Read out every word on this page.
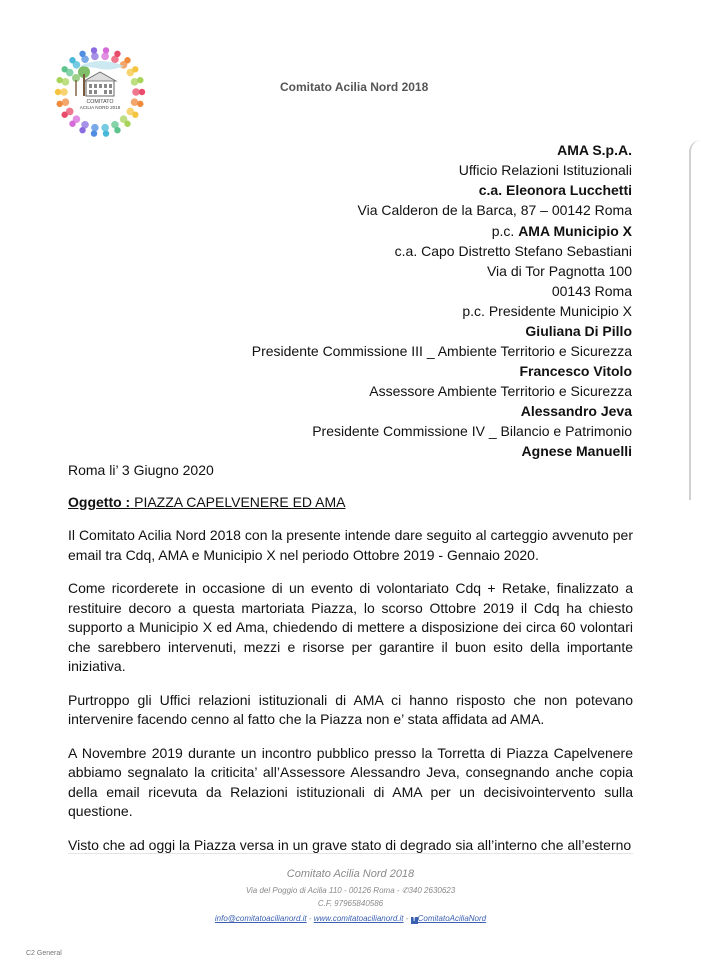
COMITATO
ACILIA NORD 2018
Comitato Acilia Nord 2018
AMA S.p.A.
Ufficio Relazioni Istituzionali
c.a. Eleonora Lucchetti
Via Calderon de la Barca, 87 – 00142 Roma
p.c. AMA Municipio X
c.a. Capo Distretto Stefano Sebastiani
Via di Tor Pagnotta 100
00143 Roma
p.c. Presidente Municipio X
Giuliana Di Pillo
Presidente Commissione III _ Ambiente Territorio e Sicurezza
Francesco Vitolo
Assessore Ambiente Territorio e Sicurezza
Alessandro Jeva
Presidente Commissione IV _ Bilancio e Patrimonio
Agnese Manuelli
Roma li’ 3 Giugno 2020
Oggetto : PIAZZA CAPELVENERE ED AMA

Il Comitato Acilia Nord 2018 con la presente intende dare seguito al carteggio avvenuto per email tra Cdq, AMA e Municipio X nel periodo Ottobre 2019 - Gennaio 2020.

Come ricorderete in occasione di un evento di volontariato Cdq + Retake, finalizzato a restituire decoro a questa martoriata Piazza, lo scorso Ottobre 2019 il Cdq ha chiesto supporto a Municipio X ed Ama, chiedendo di mettere a disposizione dei circa 60 volontari che sarebbero intervenuti, mezzi e risorse per garantire il buon esito della importante iniziativa.

Purtroppo gli Uffici relazioni istituzionali di AMA ci hanno risposto che non potevano intervenire facendo cenno al fatto che la Piazza non e’ stata affidata ad AMA.

A Novembre 2019 durante un incontro pubblico presso la Torretta di Piazza Capelvenere abbiamo segnalato la criticita’ all’Assessore Alessandro Jeva, consegnando anche copia della email ricevuta da Relazioni istituzionali di AMA per un decisivointervento sulla questione.

Visto che ad oggi la Piazza versa in un grave stato di degrado sia all’interno che all’esterno

Comitato Acilia Nord 2018
Via del Poggio di Acilia 110 - 00126 Roma - ✆340 2630623
C.F. 97965840586
info@comitatoacilianord.it - www.comitatoacilianord.it - f ComitatoAciliaNord
C2 General
